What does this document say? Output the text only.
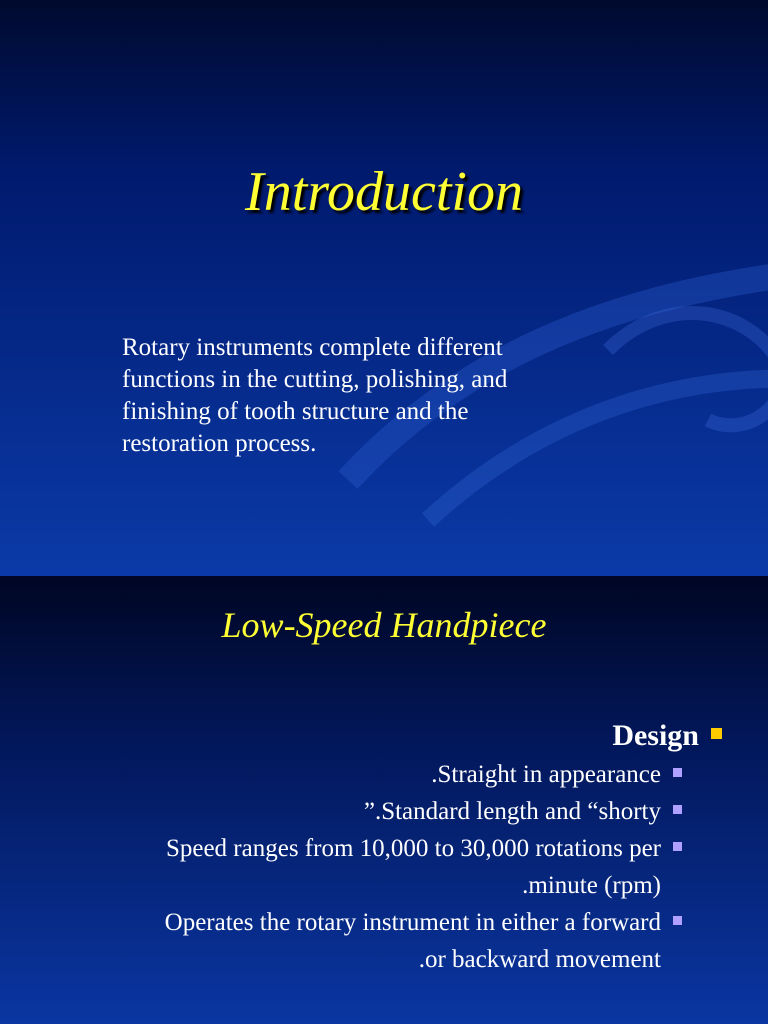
Introduction
Rotary instruments complete different
functions in the cutting, polishing, and
finishing of tooth structure and the
restoration process.
Low-Speed Handpiece
Design
.Straight in appearance
”.Standard length and “shorty
Speed ranges from 10,000 to 30,000 rotations per
.minute (rpm)
Operates the rotary instrument in either a forward
.or backward movement
